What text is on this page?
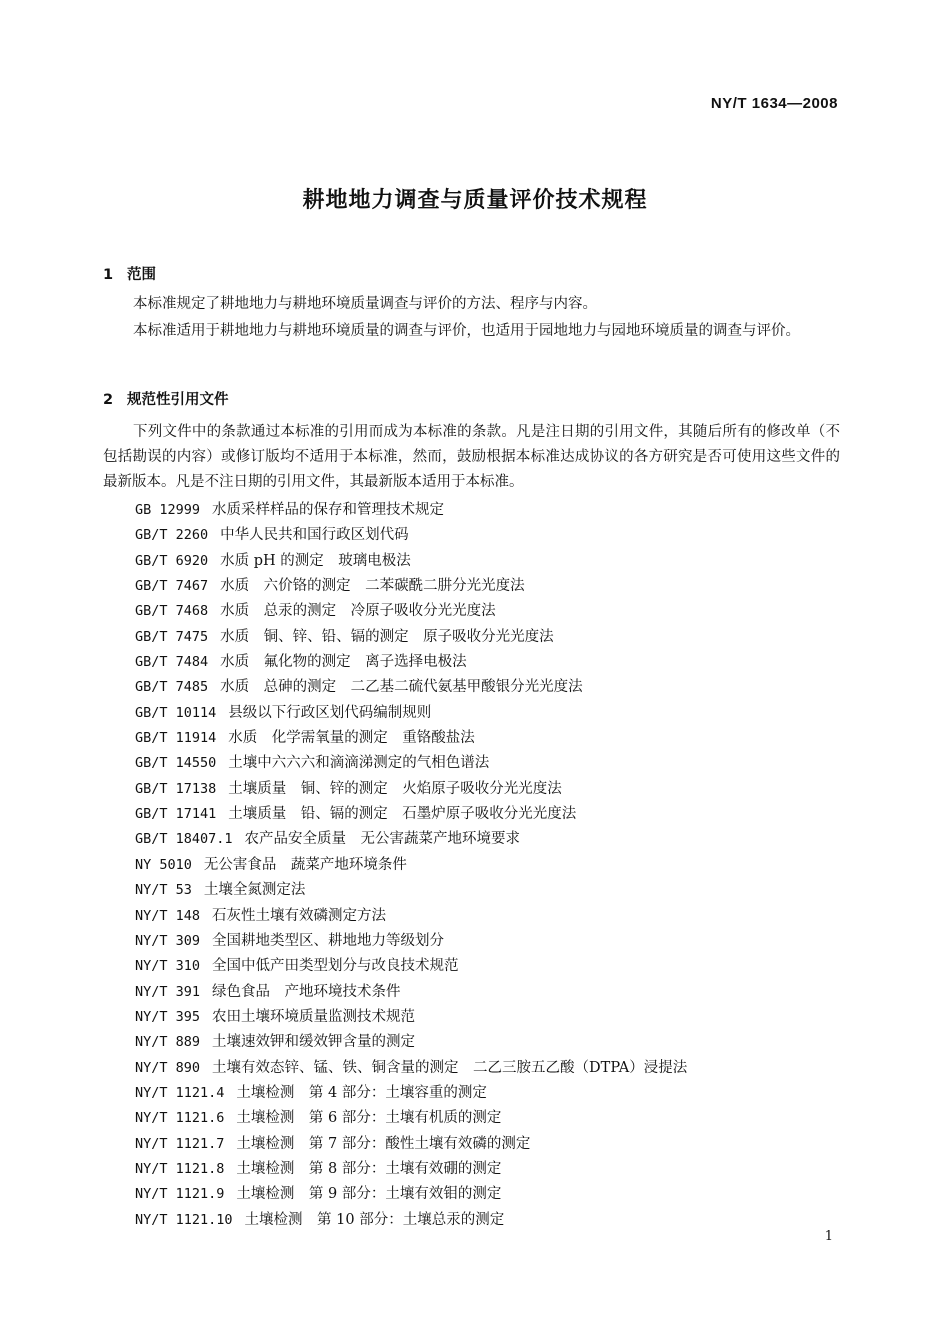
NY/T 1634—2008
耕地地力调查与质量评价技术规程
1 范围

本标准规定了耕地地力与耕地环境质量调查与评价的方法、程序与内容。

本标准适用于耕地地力与耕地环境质量的调查与评价，也适用于园地地力与园地环境质量的调查与评价。

2 规范性引用文件

下列文件中的条款通过本标准的引用而成为本标准的条款。凡是注日期的引用文件，其随后所有的修改单（不包括勘误的内容）或修订版均不适用于本标准，然而，鼓励根据本标准达成协议的各方研究是否可使用这些文件的最新版本。凡是不注日期的引用文件，其最新版本适用于本标准。

GB 12999 水质采样样品的保存和管理技术规定
GB/T 2260 中华人民共和国行政区划代码
GB/T 6920 水质 pH 的测定　玻璃电极法
GB/T 7467 水质　六价铬的测定　二苯碳酰二肼分光光度法
GB/T 7468 水质　总汞的测定　冷原子吸收分光光度法
GB/T 7475 水质　铜、锌、铅、镉的测定　原子吸收分光光度法
GB/T 7484 水质　氟化物的测定　离子选择电极法
GB/T 7485 水质　总砷的测定　二乙基二硫代氨基甲酸银分光光度法
GB/T 10114 县级以下行政区划代码编制规则
GB/T 11914 水质　化学需氧量的测定　重铬酸盐法
GB/T 14550 土壤中六六六和滴滴涕测定的气相色谱法
GB/T 17138 土壤质量　铜、锌的测定　火焰原子吸收分光光度法
GB/T 17141 土壤质量　铅、镉的测定　石墨炉原子吸收分光光度法
GB/T 18407.1 农产品安全质量　无公害蔬菜产地环境要求
NY 5010 无公害食品　蔬菜产地环境条件
NY/T 53 土壤全氮测定法
NY/T 148 石灰性土壤有效磷测定方法
NY/T 309 全国耕地类型区、耕地地力等级划分
NY/T 310 全国中低产田类型划分与改良技术规范
NY/T 391 绿色食品　产地环境技术条件
NY/T 395 农田土壤环境质量监测技术规范
NY/T 889 土壤速效钾和缓效钾含量的测定
NY/T 890 土壤有效态锌、锰、铁、铜含量的测定　二乙三胺五乙酸（DTPA）浸提法
NY/T 1121.4 土壤检测　第 4 部分：土壤容重的测定
NY/T 1121.6 土壤检测　第 6 部分：土壤有机质的测定
NY/T 1121.7 土壤检测　第 7 部分：酸性土壤有效磷的测定
NY/T 1121.8 土壤检测　第 8 部分：土壤有效硼的测定
NY/T 1121.9 土壤检测　第 9 部分：土壤有效钼的测定
NY/T 1121.10 土壤检测　第 10 部分：土壤总汞的测定
1
